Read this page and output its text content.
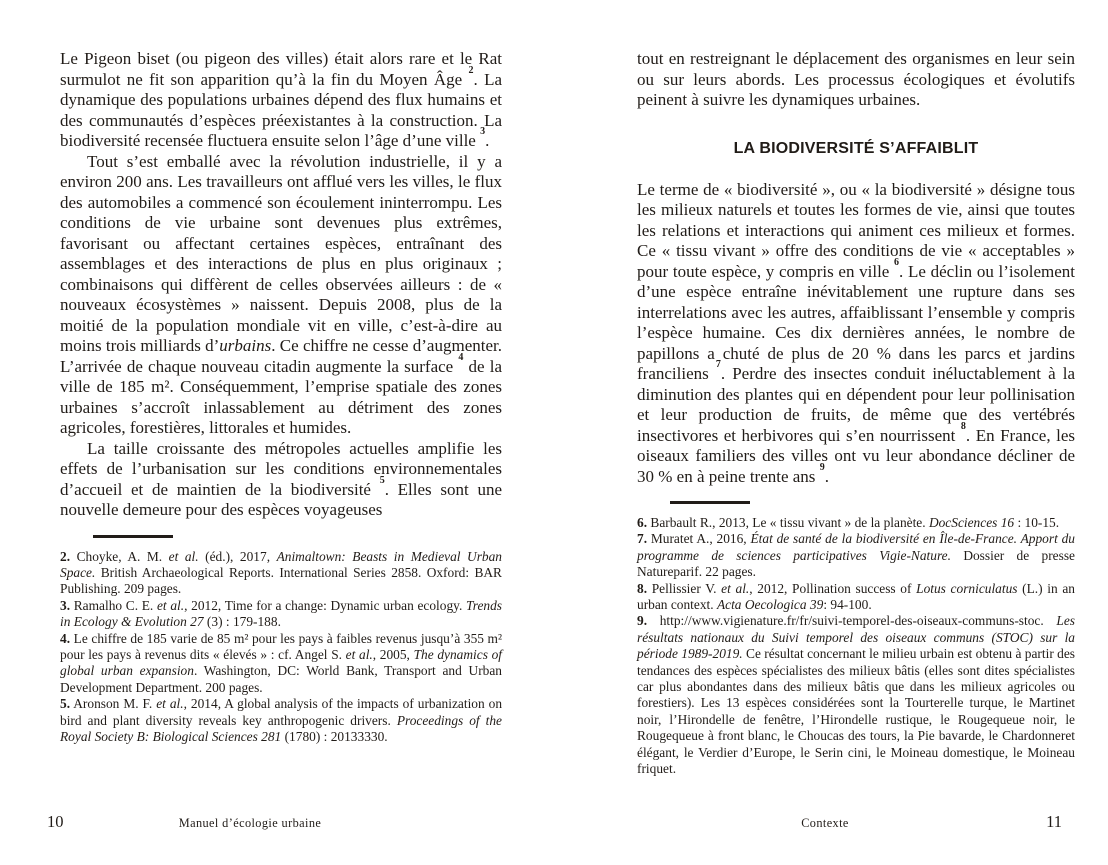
Le Pigeon biset (ou pigeon des villes) était alors rare et le Rat surmulot ne fit son apparition qu’à la fin du Moyen Âge $^2$. La dynamique des populations urbaines dépend des flux humains et des communautés d’espèces préexistantes à la construction. La biodiversité recensée fluctuera ensuite selon l’âge d’une ville $^3$.

Tout s’est emballé avec la révolution industrielle, il y a environ 200 ans. Les travailleurs ont afflué vers les villes, le flux des automobiles a commencé son écoulement ininterrompu. Les conditions de vie urbaine sont devenues plus extrêmes, favorisant ou affectant certaines espèces, entraînant des assemblages et des interactions de plus en plus originaux ; combinaisons qui diffèrent de celles observées ailleurs : de « nouveaux écosystèmes » naissent. Depuis 2008, plus de la moitié de la population mondiale vit en ville, c’est-à-dire au moins trois milliards d’urbains. Ce chiffre ne cesse d’augmenter. L’arrivée de chaque nouveau citadin augmente la surface $^4$ de la ville de 185 m². Conséquemment, l’emprise spatiale des zones urbaines s’accroît inlassablement au détriment des zones agricoles, forestières, littorales et humides.

La taille croissante des métropoles actuelles amplifie les effets de l’urbanisation sur les conditions environnementales d’accueil et de maintien de la biodiversité $^5$. Elles sont une nouvelle demeure pour des espèces voyageuses

2. Choyke, A. M. et al. (éd.), 2017, Animaltown: Beasts in Medieval Urban Space. British Archaeological Reports. International Series 2858. Oxford: BAR Publishing. 209 pages.

3. Ramalho C. E. et al., 2012, Time for a change: Dynamic urban ecology. Trends in Ecology & Evolution 27 (3) : 179-188.

4. Le chiffre de 185 varie de 85 m² pour les pays à faibles revenus jusqu’à 355 m² pour les pays à revenus dits « élevés » : cf. Angel S. et al., 2005, The dynamics of global urban expansion. Washington, DC: World Bank, Transport and Urban Development Department. 200 pages.

5. Aronson M. F. et al., 2014, A global analysis of the impacts of urbanization on bird and plant diversity reveals key anthropogenic drivers. Proceedings of the Royal Society B: Biological Sciences 281 (1780) : 20133330.

10	Manuel d’écologie urbaine

tout en restreignant le déplacement des organismes en leur sein ou sur leurs abords. Les processus écologiques et évolutifs peinent à suivre les dynamiques urbaines.

LA BIODIVERSITÉ S’AFFAIBLIT

Le terme de « biodiversité », ou « la biodiversité » désigne tous les milieux naturels et toutes les formes de vie, ainsi que toutes les relations et interactions qui animent ces milieux et formes. Ce « tissu vivant » offre des conditions de vie « acceptables » pour toute espèce, y compris en ville $^6$. Le déclin ou l’isolement d’une espèce entraîne inévitablement une rupture dans ses interrelations avec les autres, affaiblissant l’ensemble y compris l’espèce humaine. Ces dix dernières années, le nombre de papillons a chuté de plus de 20 % dans les parcs et jardins franciliens $^7$. Perdre des insectes conduit inéluctablement à la diminution des plantes qui en dépendent pour leur pollinisation et leur production de fruits, de même que des vertébrés insectivores et herbivores qui s’en nourrissent $^8$. En France, les oiseaux familiers des villes ont vu leur abondance décliner de 30 % en à peine trente ans $^9$.

6. Barbault R., 2013, Le « tissu vivant » de la planète. DocSciences 16 : 10-15.

7. Muratet A., 2016, État de santé de la biodiversité en Île-de-France. Apport du programme de sciences participatives Vigie-Nature. Dossier de presse Natureparif. 22 pages.

8. Pellissier V. et al., 2012, Pollination success of Lotus corniculatus (L.) in an urban context. Acta Oecologica 39: 94-100.

9. http://www.vigienature.fr/fr/suivi-temporel-des-oiseaux-communs-stoc. Les résultats nationaux du Suivi temporel des oiseaux communs (STOC) sur la période 1989-2019. Ce résultat concernant le milieu urbain est obtenu à partir des tendances des espèces spécialistes des milieux bâtis (elles sont dites spécialistes car plus abondantes dans des milieux bâtis que dans les milieux agricoles ou forestiers). Les 13 espèces considérées sont la Tourterelle turque, le Martinet noir, l’Hirondelle de fenêtre, l’Hirondelle rustique, le Rougequeue noir, le Rougequeue à front blanc, le Choucas des tours, la Pie bavarde, le Chardonneret élégant, le Verdier d’Europe, le Serin cini, le Moineau domestique, le Moineau friquet.

Contexte	11
